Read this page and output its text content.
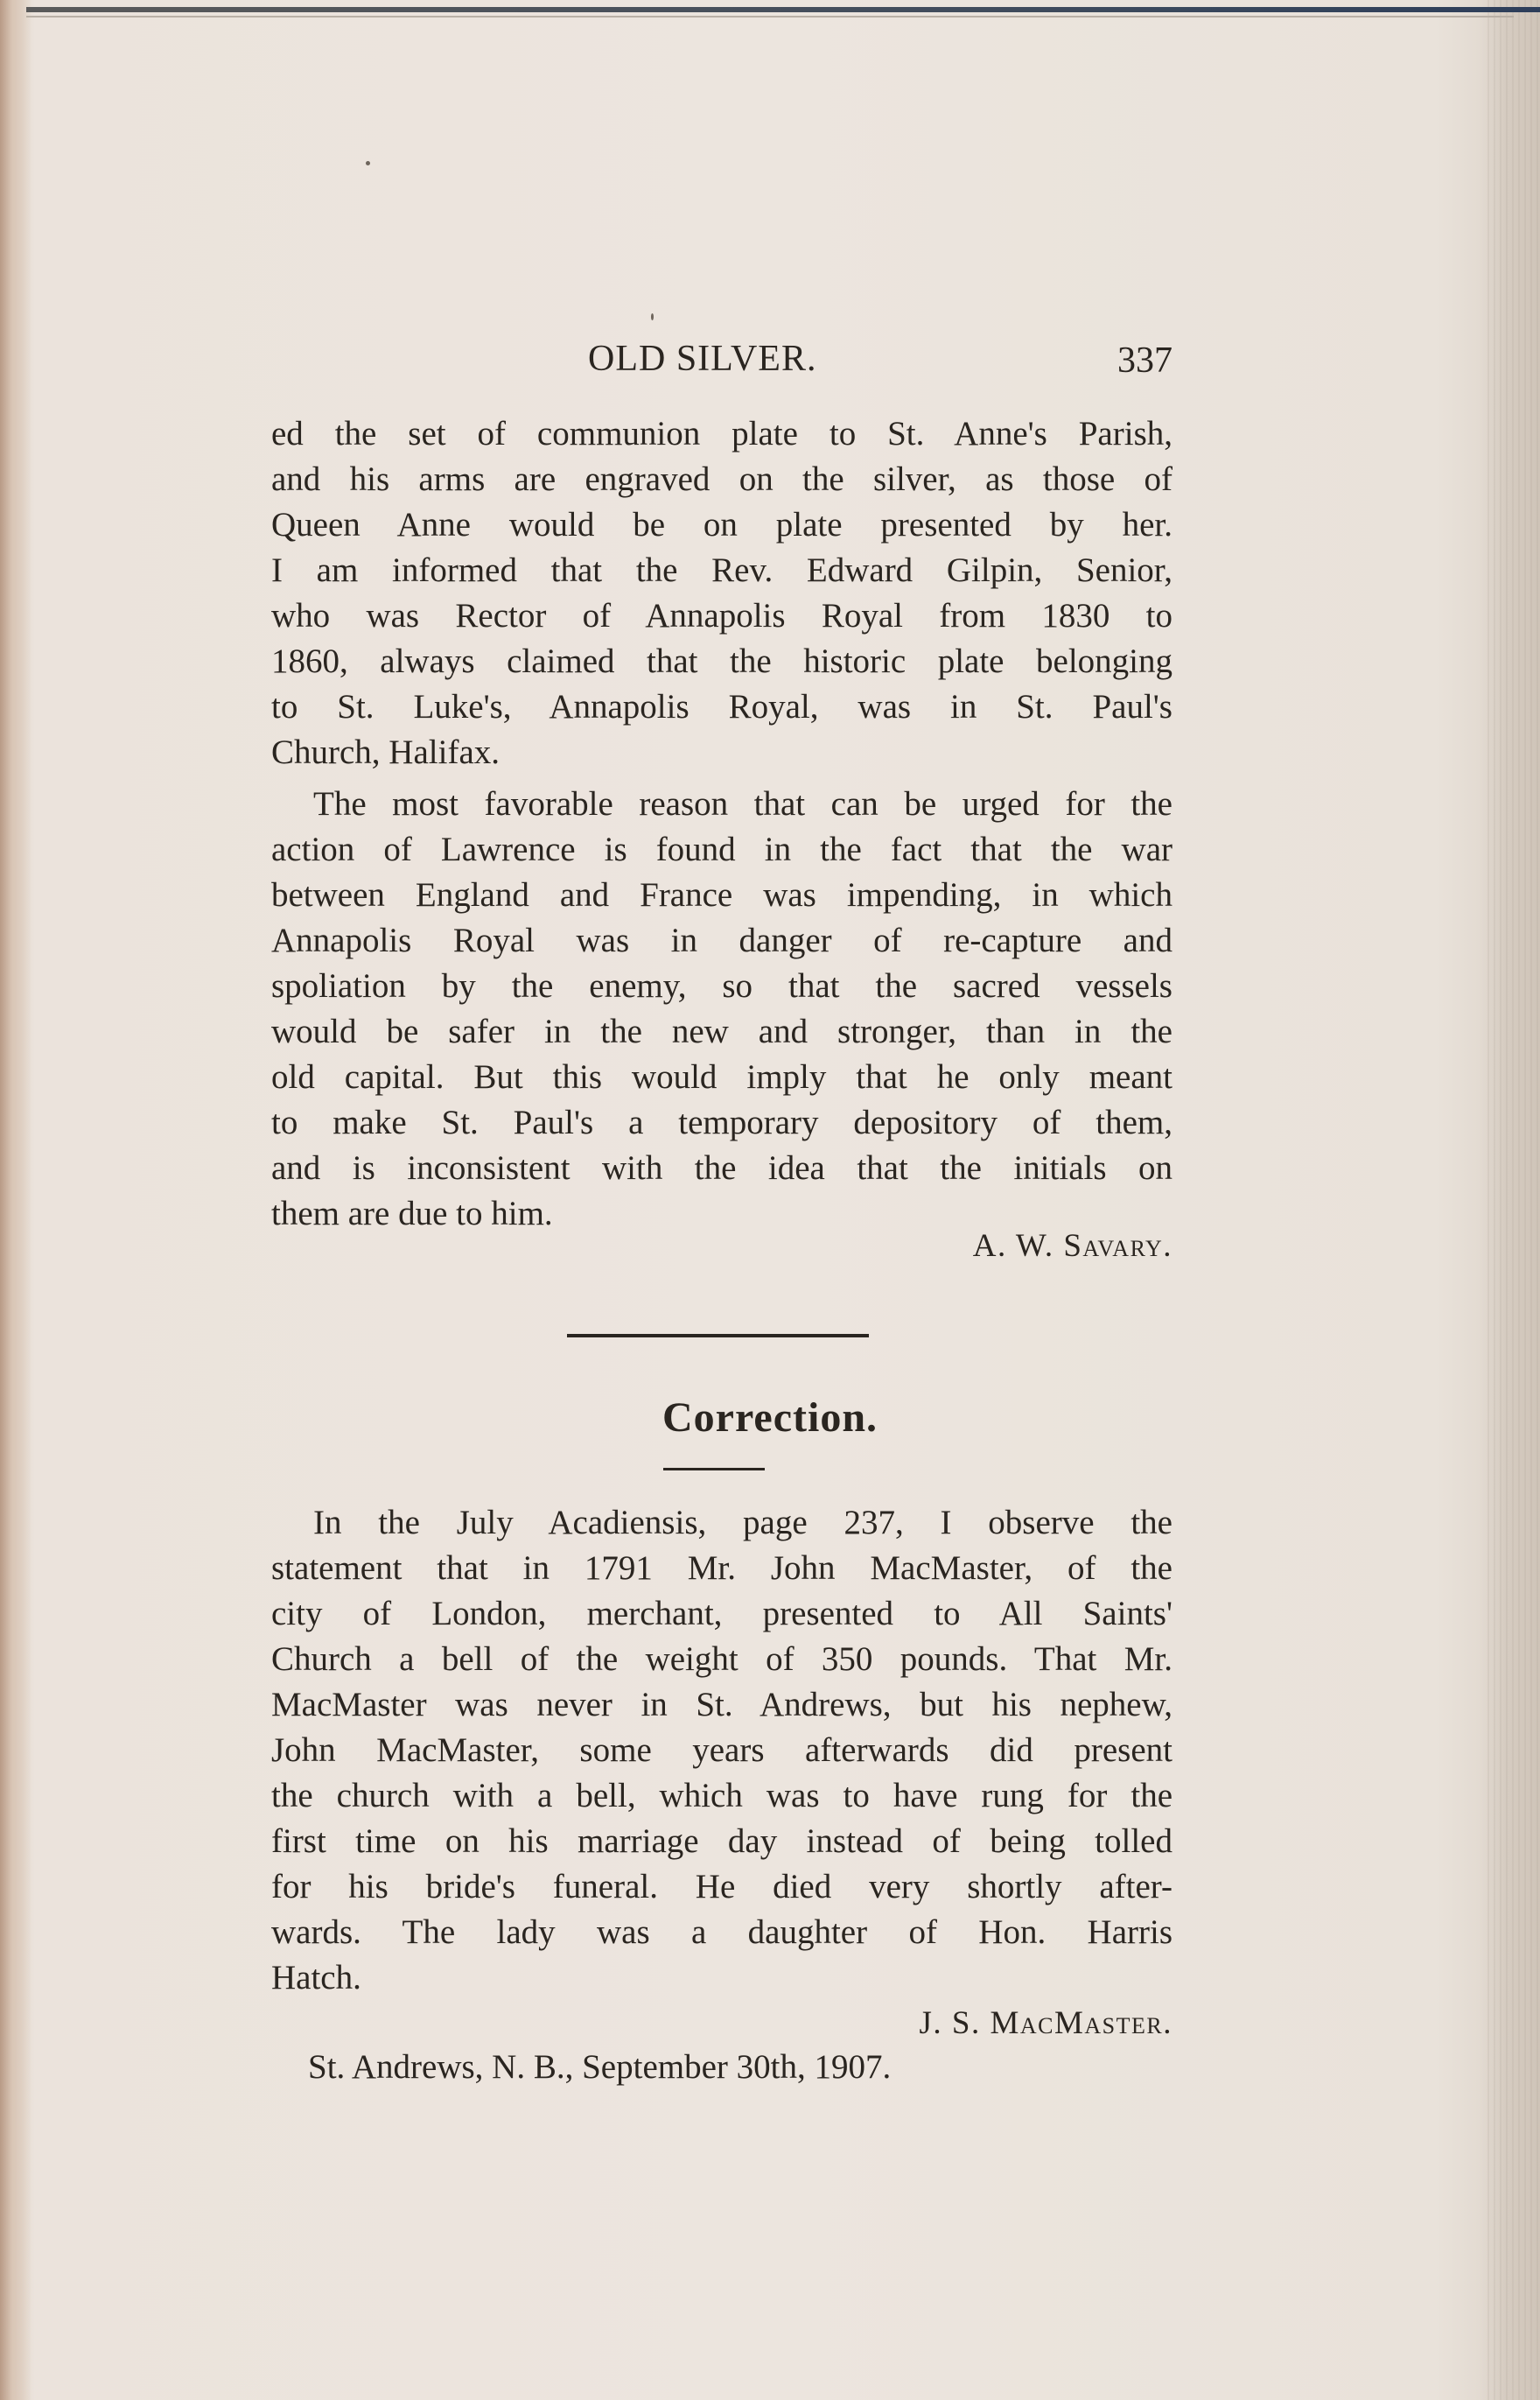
OLD SILVER.	337
ed the set of communion plate to St. Anne's Parish,
and his arms are engraved on the silver, as those of
Queen Anne would be on plate presented by her.
I am informed that the Rev. Edward Gilpin, Senior,
who was Rector of Annapolis Royal from 1830 to
1860, always claimed that the historic plate belonging
to St. Luke's, Annapolis Royal, was in St. Paul's
Church, Halifax.
The most favorable reason that can be urged for the
action of Lawrence is found in the fact that the war
between England and France was impending, in which
Annapolis Royal was in danger of re-capture and
spoliation by the enemy, so that the sacred vessels
would be safer in the new and stronger, than in the
old capital. But this would imply that he only meant
to make St. Paul's a temporary depository of them,
and is inconsistent with the idea that the initials on
them are due to him.
A. W. Savary.
Correction.
In the July Acadiensis, page 237, I observe the
statement that in 1791 Mr. John MacMaster, of the
city of London, merchant, presented to All Saints'
Church a bell of the weight of 350 pounds. That Mr.
MacMaster was never in St. Andrews, but his nephew,
John MacMaster, some years afterwards did present
the church with a bell, which was to have rung for the
first time on his marriage day instead of being tolled
for his bride's funeral. He died very shortly after-
wards. The lady was a daughter of Hon. Harris
Hatch.
J. S. MacMaster.
St. Andrews, N. B., September 30th, 1907.
